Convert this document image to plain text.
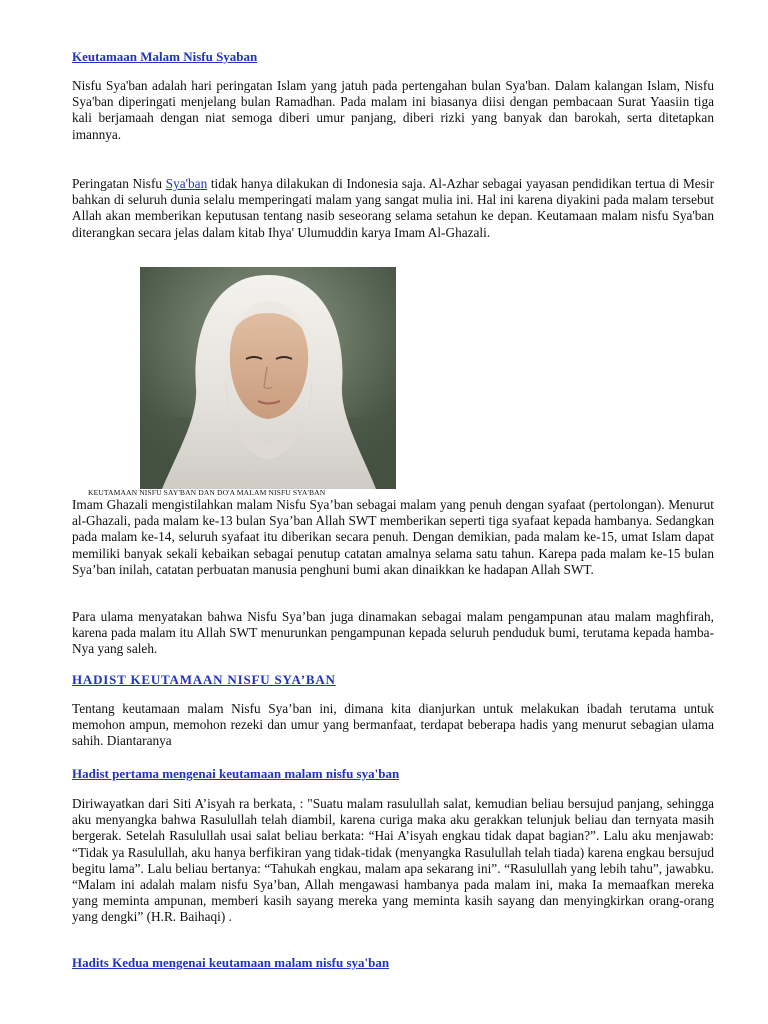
Keutamaan Malam Nisfu Syaban

Nisfu Sya'ban adalah hari peringatan Islam yang jatuh pada pertengahan bulan Sya'ban. Dalam kalangan Islam, Nisfu Sya'ban diperingati menjelang bulan Ramadhan. Pada malam ini biasanya diisi dengan pembacaan Surat Yaasiin tiga kali berjamaah dengan niat semoga diberi umur panjang, diberi rizki yang banyak dan barokah, serta ditetapkan imannya.

Peringatan Nisfu Sya'ban tidak hanya dilakukan di Indonesia saja. Al-Azhar sebagai yayasan pendidikan tertua di Mesir bahkan di seluruh dunia selalu memperingati malam yang sangat mulia ini. Hal ini karena diyakini pada malam tersebut Allah akan memberikan keputusan tentang nasib seseorang selama setahun ke depan. Keutamaan malam nisfu Sya'ban diterangkan secara jelas dalam kitab Ihya' Ulumuddin karya Imam Al-Ghazali.

KEUTAMAAN NISFU SAY'BAN DAN DO'A MALAM NISFU SYA'BAN

Imam Ghazali mengistilahkan malam Nisfu Sya’ban sebagai malam yang penuh dengan syafaat (pertolongan). Menurut al-Ghazali, pada malam ke-13 bulan Sya’ban Allah SWT memberikan seperti tiga syafaat kepada hambanya. Sedangkan pada malam ke-14, seluruh syafaat itu diberikan secara penuh. Dengan demikian, pada malam ke-15, umat Islam dapat memiliki banyak sekali kebaikan sebagai penutup catatan amalnya selama satu tahun. Karepa pada malam ke-15 bulan Sya’ban inilah, catatan perbuatan manusia penghuni bumi akan dinaikkan ke hadapan Allah SWT.

Para ulama menyatakan bahwa Nisfu Sya’ban juga dinamakan sebagai malam pengampunan atau malam maghfirah, karena pada malam itu Allah SWT menurunkan pengampunan kepada seluruh penduduk bumi, terutama kepada hamba-Nya yang saleh.

HADIST KEUTAMAAN NISFU SYA’BAN

Tentang keutamaan malam Nisfu Sya’ban ini, dimana kita dianjurkan untuk melakukan ibadah terutama untuk memohon ampun, memohon rezeki dan umur yang bermanfaat, terdapat beberapa hadis yang menurut sebagian ulama sahih. Diantaranya

Hadist pertama mengenai keutamaan malam nisfu sya'ban

Diriwayatkan dari Siti A’isyah ra berkata, : "Suatu malam rasulullah salat, kemudian beliau bersujud panjang, sehingga aku menyangka bahwa Rasulullah telah diambil, karena curiga maka aku gerakkan telunjuk beliau dan ternyata masih bergerak. Setelah Rasulullah usai salat beliau berkata: “Hai A’isyah engkau tidak dapat bagian?”. Lalu aku menjawab: “Tidak ya Rasulullah, aku hanya berfikiran yang tidak-tidak (menyangka Rasulullah telah tiada) karena engkau bersujud begitu lama”. Lalu beliau bertanya: “Tahukah engkau, malam apa sekarang ini”. “Rasulullah yang lebih tahu”, jawabku. “Malam ini adalah malam nisfu Sya’ban, Allah mengawasi hambanya pada malam ini, maka Ia memaafkan mereka yang meminta ampunan, memberi kasih sayang mereka yang meminta kasih sayang dan menyingkirkan orang-orang yang dengki” (H.R. Baihaqi) .

Hadits Kedua mengenai keutamaan malam nisfu sya'ban
